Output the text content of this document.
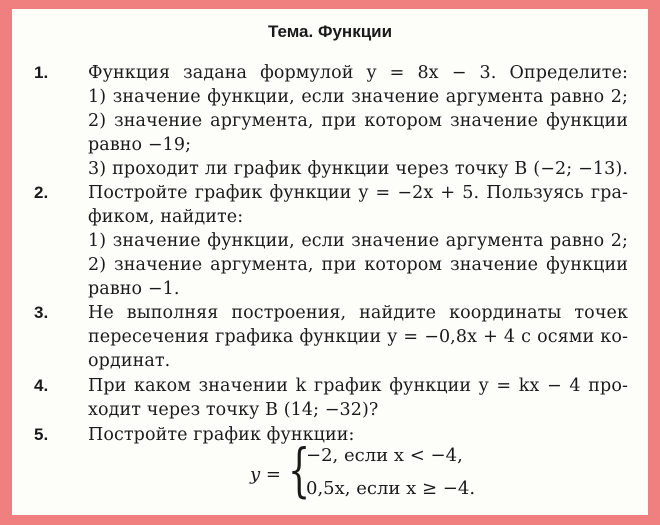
Тема. Функции
1. Функция задана формулой y = 8x − 3. Определите:
1) значение функции, если значение аргумента равно 2;
2) значение аргумента, при котором значение функции
равно −19;
3) проходит ли график функции через точку B (−2; −13).
2. Постройте график функции y = −2x + 5. Пользуясь гра-
фиком, найдите:
1) значение функции, если значение аргумента равно 2;
2) значение аргумента, при котором значение функции
равно −1.
3. Не выполняя построения, найдите координаты точек
пересечения графика функции y = −0,8x + 4 с осями ко-
ординат.
4. При каком значении k график функции y = kx − 4 про-
ходит через точку B (14; −32)?
5. Постройте график функции:
y = {
−2, если x < −4,
0,5x, если x ≥ −4.
